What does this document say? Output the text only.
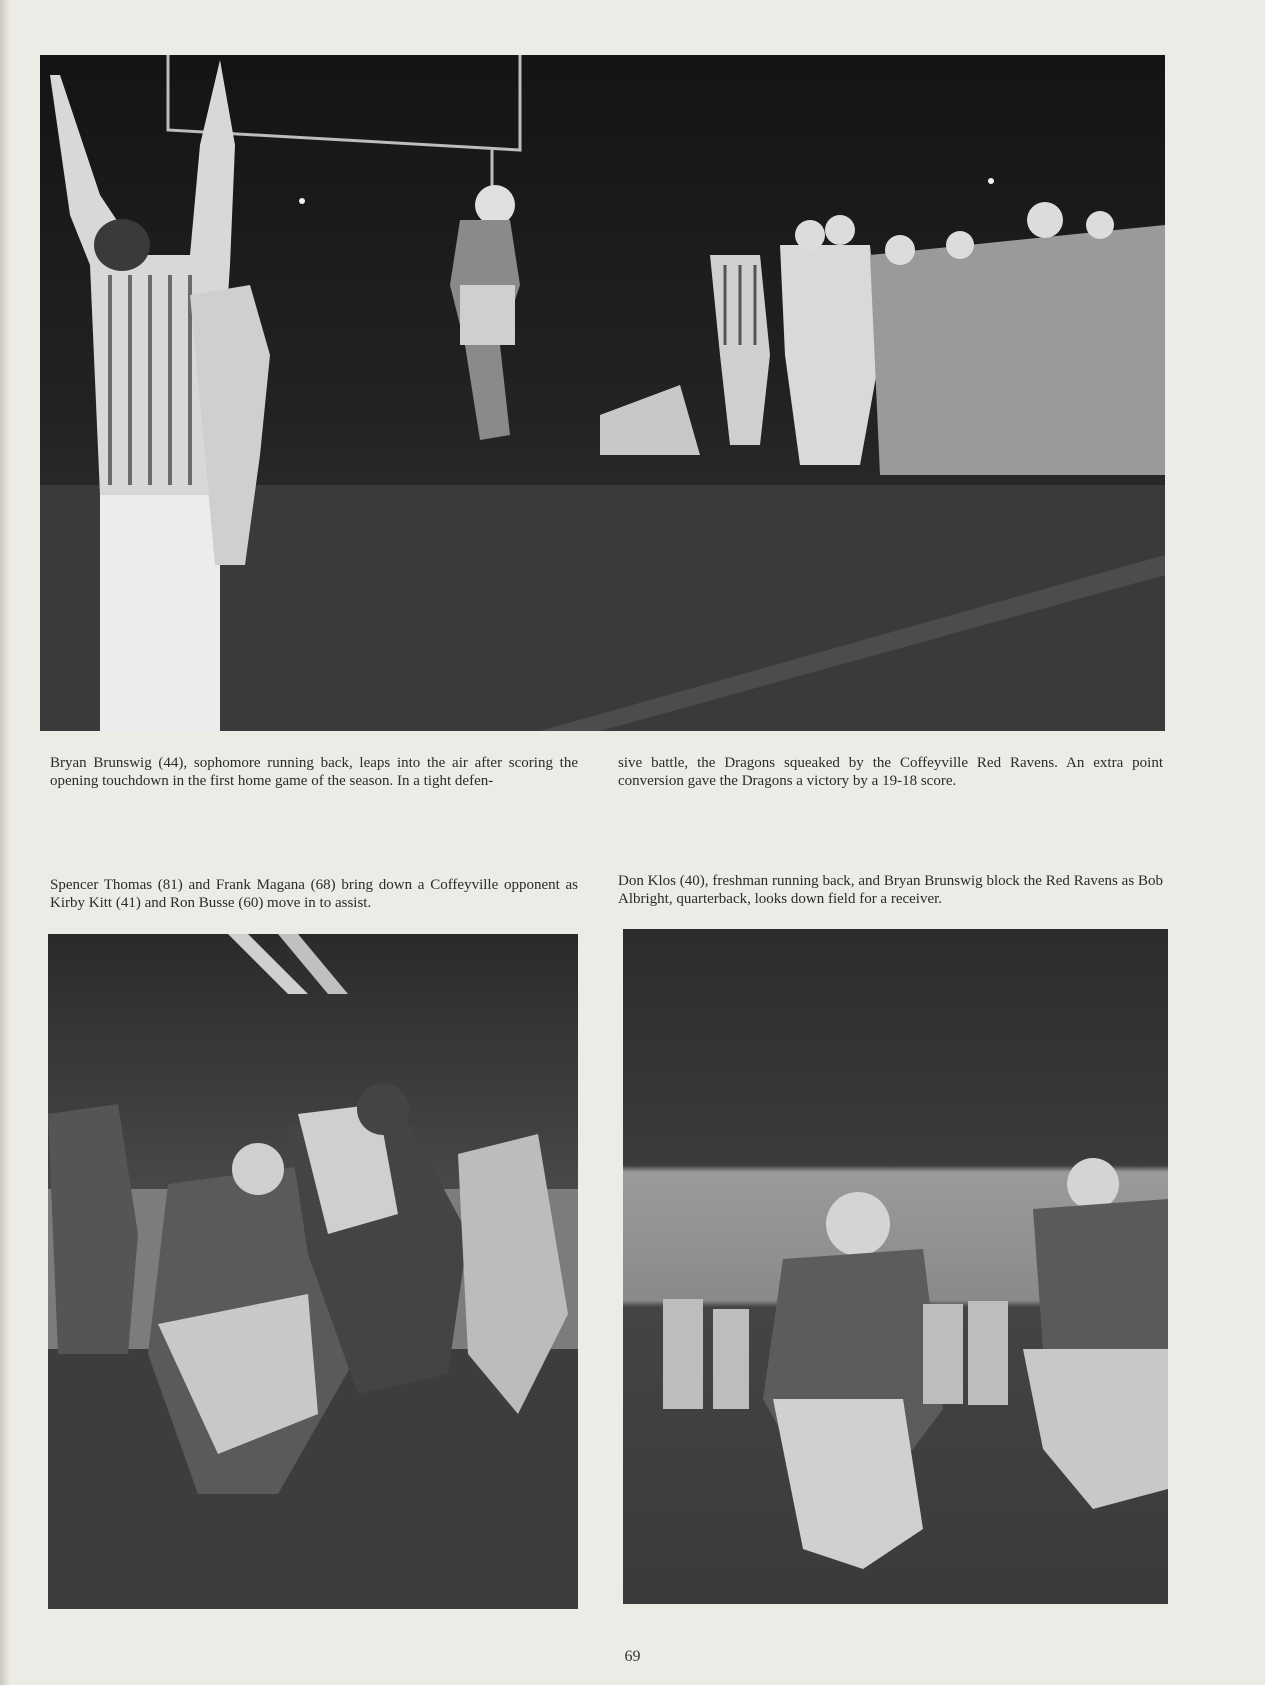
Bryan Brunswig (44), sophomore running back, leaps into the air after scoring the opening touchdown in the first home game of the season. In a tight defen-
sive battle, the Dragons squeaked by the Coffeyville Red Ravens. An extra point conversion gave the Dragons a victory by a 19-18 score.
Spencer Thomas (81) and Frank Magana (68) bring down a Coffeyville opponent as Kirby Kitt (41) and Ron Busse (60) move in to assist.
Don Klos (40), freshman running back, and Bryan Brunswig block the Red Ravens as Bob Albright, quarterback, looks down field for a receiver.
69
